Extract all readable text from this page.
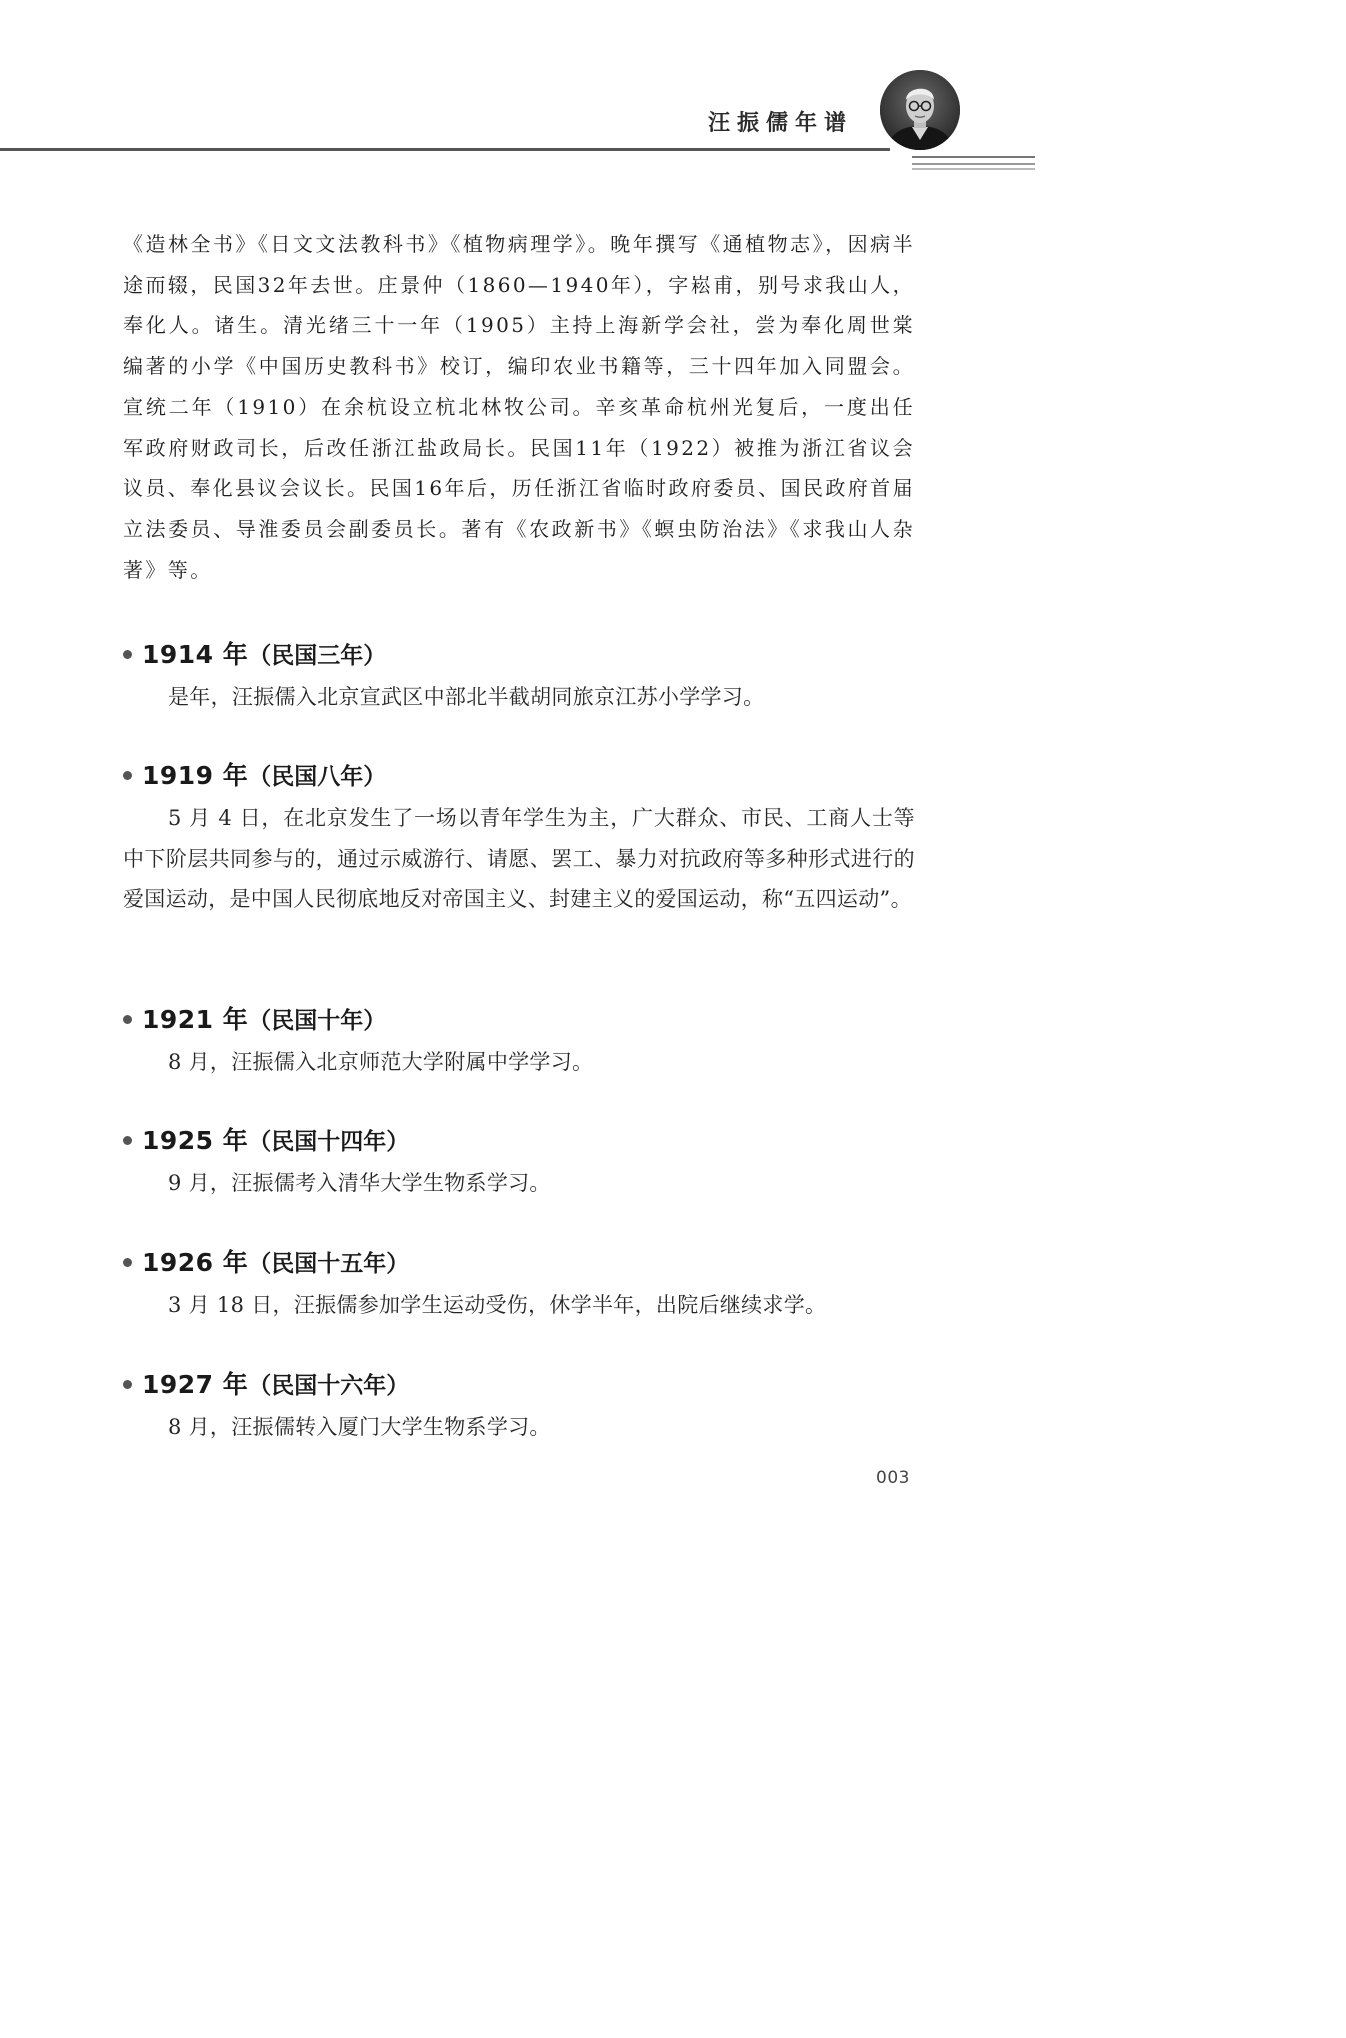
汪振儒年谱

《造林全书》《日文文法教科书》《植物病理学》。晚年撰写《通植物志》，因病半途而辍，民国32年去世。庄景仲（1860—1940年），字崧甫，别号求我山人，奉化人。诸生。清光绪三十一年（1905）主持上海新学会社，尝为奉化周世棠编著的小学《中国历史教科书》校订，编印农业书籍等，三十四年加入同盟会。宣统二年（1910）在余杭设立杭北林牧公司。辛亥革命杭州光复后，一度出任军政府财政司长，后改任浙江盐政局长。民国11年（1922）被推为浙江省议会议员、奉化县议会议长。民国16年后，历任浙江省临时政府委员、国民政府首届立法委员、导淮委员会副委员长。著有《农政新书》《螟虫防治法》《求我山人杂著》等。

1914 年 （民国三年）

是年，汪振儒入北京宣武区中部北半截胡同旅京江苏小学学习。

1919 年 （民国八年）

5 月 4 日，在北京发生了一场以青年学生为主，广大群众、市民、工商人士等中下阶层共同参与的，通过示威游行、请愿、罢工、暴力对抗政府等多种形式进行的爱国运动，是中国人民彻底地反对帝国主义、封建主义的爱国运动，称“五四运动”。

1921 年 （民国十年）

8 月，汪振儒入北京师范大学附属中学学习。

1925 年 （民国十四年）

9 月，汪振儒考入清华大学生物系学习。

1926 年 （民国十五年）

3 月 18 日，汪振儒参加学生运动受伤，休学半年，出院后继续求学。

1927 年 （民国十六年）

8 月，汪振儒转入厦门大学生物系学习。

003
